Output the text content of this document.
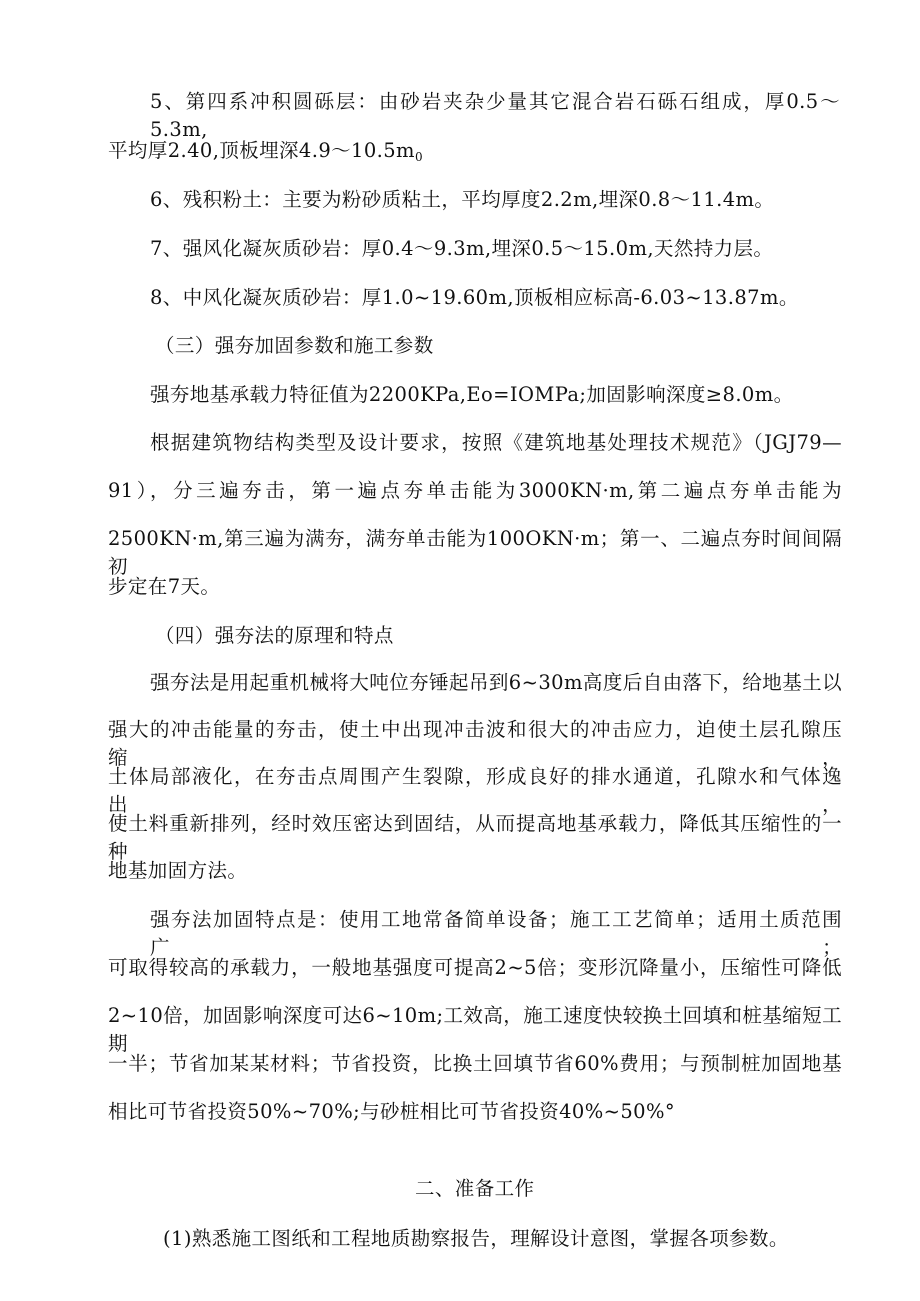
5、第四系冲积圆砾层：由砂岩夹杂少量其它混合岩石砾石组成，厚0.5～5.3m,
平均厚2.40,顶板埋深$4.9\sim 10.5m_0$
6、残积粉土：主要为粉砂质粘土，平均厚度2.2m,埋深0.8～11.4m。
7、强风化凝灰质砂岩：厚0.4～9.3m,埋深0.5～15.0m,天然持力层。
8、中风化凝灰质砂岩：厚1.0~19.60m,顶板相应标高-6.03~13.87m。
（三）强夯加固参数和施工参数
强夯地基承载力特征值为2200KPa,Eo=IOMPa;加固影响深度≥8.0m。
根据建筑物结构类型及设计要求，按照《建筑地基处理技术规范》（JGJ79—
91），分三遍夯击，第一遍点夯单击能为3000KN·m,第二遍点夯单击能为
2500KN·m,第三遍为满夯，满夯单击能为100OKN·m；第一、二遍点夯时间间隔初
步定在7天。
（四）强夯法的原理和特点
强夯法是用起重机械将大吨位夯锤起吊到6~30m高度后自由落下，给地基土以
强大的冲击能量的夯击，使土中出现冲击波和很大的冲击应力，迫使土层孔隙压缩，
土体局部液化，在夯击点周围产生裂隙，形成良好的排水通道，孔隙水和气体逸出，
使土料重新排列，经时效压密达到固结，从而提高地基承载力，降低其压缩性的一种
地基加固方法。
强夯法加固特点是：使用工地常备简单设备；施工工艺简单；适用土质范围广；
可取得较高的承载力，一般地基强度可提高2~5倍；变形沉降量小，压缩性可降低
2~10倍，加固影响深度可达6~10m;工效高，施工速度快较换土回填和桩基缩短工期
一半；节省加某某材料；节省投资，比换土回填节省60%费用；与预制桩加固地基
相比可节省投资50%~70%;与砂桩相比可节省投资40%~50%°
二、准备工作
(1)熟悉施工图纸和工程地质勘察报告，理解设计意图，掌握各项参数。
